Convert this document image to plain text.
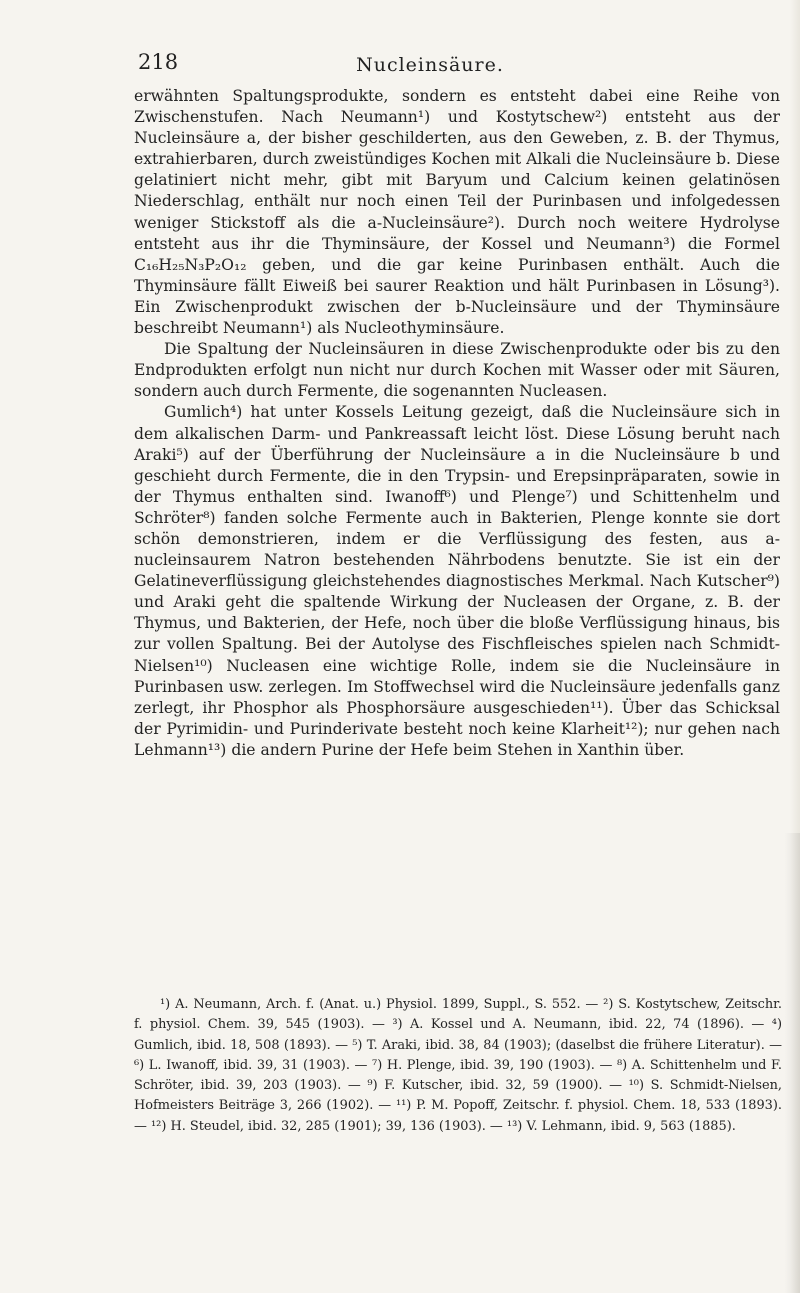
218	Nucleinsäure.

erwähnten Spaltungsprodukte, sondern es entsteht dabei eine Reihe von Zwischenstufen. Nach Neumann¹) und Kostytschew²) entsteht aus der Nucleinsäure a, der bisher geschilderten, aus den Geweben, z. B. der Thymus, extrahierbaren, durch zweistündiges Kochen mit Alkali die Nucleinsäure b. Diese gelatiniert nicht mehr, gibt mit Baryum und Calcium keinen gelatinösen Niederschlag, enthält nur noch einen Teil der Purinbasen und infolgedessen weniger Stickstoff als die a-Nucleinsäure²). Durch noch weitere Hydrolyse entsteht aus ihr die Thyminsäure, der Kossel und Neumann³) die Formel C₁₆H₂₅N₃P₂O₁₂ geben, und die gar keine Purinbasen enthält. Auch die Thyminsäure fällt Eiweiß bei saurer Reaktion und hält Purinbasen in Lösung³). Ein Zwischenprodukt zwischen der b-Nucleinsäure und der Thyminsäure beschreibt Neumann¹) als Nucleothyminsäure.

Die Spaltung der Nucleinsäuren in diese Zwischenprodukte oder bis zu den Endprodukten erfolgt nun nicht nur durch Kochen mit Wasser oder mit Säuren, sondern auch durch Fermente, die sogenannten Nucleasen.

Gumlich⁴) hat unter Kossels Leitung gezeigt, daß die Nucleinsäure sich in dem alkalischen Darm- und Pankreassaft leicht löst. Diese Lösung beruht nach Araki⁵) auf der Überführung der Nucleinsäure a in die Nucleinsäure b und geschieht durch Fermente, die in den Trypsin- und Erepsinpräparaten, sowie in der Thymus enthalten sind. Iwanoff⁶) und Plenge⁷) und Schittenhelm und Schröter⁸) fanden solche Fermente auch in Bakterien, Plenge konnte sie dort schön demonstrieren, indem er die Verflüssigung des festen, aus a-nucleinsaurem Natron bestehenden Nährbodens benutzte. Sie ist ein der Gelatineverflüssigung gleichstehendes diagnostisches Merkmal. Nach Kutscher⁹) und Araki geht die spaltende Wirkung der Nucleasen der Organe, z. B. der Thymus, und Bakterien, der Hefe, noch über die bloße Verflüssigung hinaus, bis zur vollen Spaltung. Bei der Autolyse des Fischfleisches spielen nach Schmidt-Nielsen¹⁰) Nucleasen eine wichtige Rolle, indem sie die Nucleinsäure in Purinbasen usw. zerlegen. Im Stoffwechsel wird die Nucleinsäure jedenfalls ganz zerlegt, ihr Phosphor als Phosphorsäure ausgeschieden¹¹). Über das Schicksal der Pyrimidin- und Purinderivate besteht noch keine Klarheit¹²); nur gehen nach Lehmann¹³) die andern Purine der Hefe beim Stehen in Xanthin über.

¹) A. Neumann, Arch. f. (Anat. u.) Physiol. 1899, Suppl., S. 552. — ²) S. Kostytschew, Zeitschr. f. physiol. Chem. 39, 545 (1903). — ³) A. Kossel und A. Neumann, ibid. 22, 74 (1896). — ⁴) Gumlich, ibid. 18, 508 (1893). — ⁵) T. Araki, ibid. 38, 84 (1903); (daselbst die frühere Literatur). — ⁶) L. Iwanoff, ibid. 39, 31 (1903). — ⁷) H. Plenge, ibid. 39, 190 (1903). — ⁸) A. Schittenhelm und F. Schröter, ibid. 39, 203 (1903). — ⁹) F. Kutscher, ibid. 32, 59 (1900). — ¹⁰) S. Schmidt-Nielsen, Hofmeisters Beiträge 3, 266 (1902). — ¹¹) P. M. Popoff, Zeitschr. f. physiol. Chem. 18, 533 (1893). — ¹²) H. Steudel, ibid. 32, 285 (1901); 39, 136 (1903). — ¹³) V. Lehmann, ibid. 9, 563 (1885).
